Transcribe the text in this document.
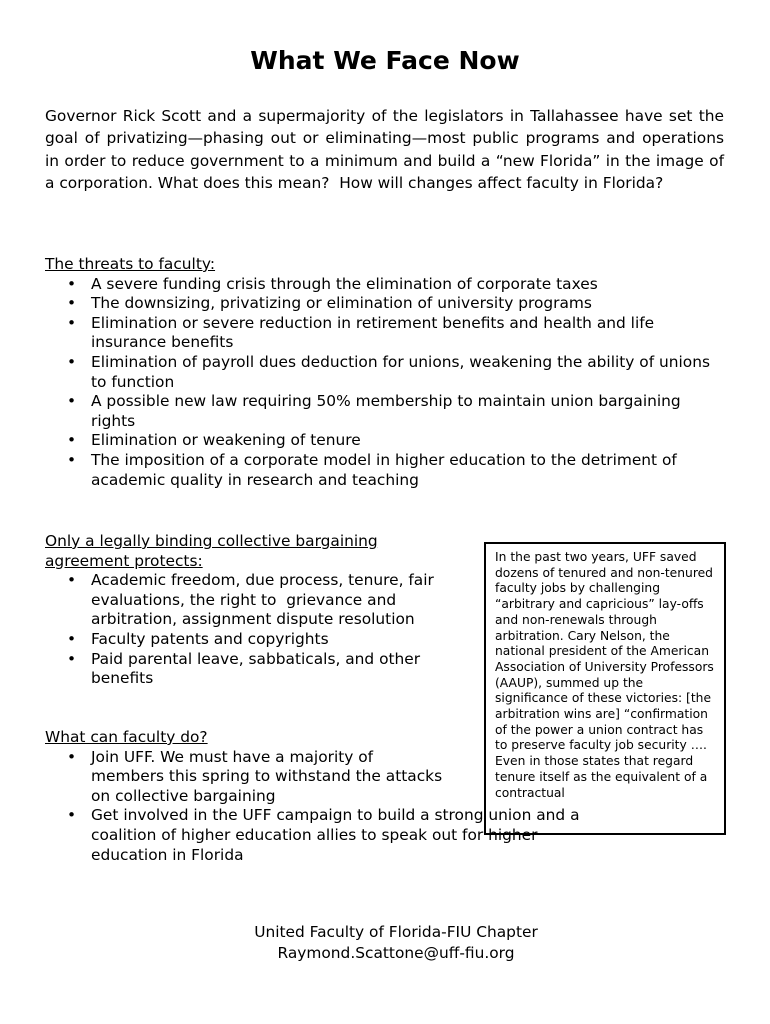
What We Face Now

Governor Rick Scott and a supermajority of the legislators in Tallahassee have set the goal of privatizing—phasing out or eliminating—most public programs and operations in order to reduce government to a minimum and build a “new Florida” in the image of a corporation. What does this mean?  How will changes affect faculty in Florida?

The threats to faculty:

• A severe funding crisis through the elimination of corporate taxes
• The downsizing, privatizing or elimination of university programs
• Elimination or severe reduction in retirement benefits and health and life insurance benefits
• Elimination of payroll dues deduction for unions, weakening the ability of unions to function
• A possible new law requiring 50% membership to maintain union bargaining rights
• Elimination or weakening of tenure
• The imposition of a corporate model in higher education to the detriment of academic quality in research and teaching

Only a legally binding collective bargaining agreement protects:

• Academic freedom, due process, tenure, fair evaluations, the right to  grievance and arbitration, assignment dispute resolution
• Faculty patents and copyrights
• Paid parental leave, sabbaticals, and other benefits

In the past two years, UFF saved dozens of tenured and non-tenured faculty jobs by challenging “arbitrary and capricious” lay-offs and non-renewals through arbitration. Cary Nelson, the national president of the American Association of University Professors (AAUP), summed up the significance of these victories: [the arbitration wins are] “confirmation of the power a union contract has to preserve faculty job security …. Even in those states that regard tenure itself as the equivalent of a contractual

What can faculty do?

• Join UFF. We must have a majority of members this spring to withstand the attacks on collective bargaining
• Get involved in the UFF campaign to build a strong union and a coalition of higher education allies to speak out for higher education in Florida

United Faculty of Florida-FIU Chapter

Raymond.Scattone@uff-fiu.org
